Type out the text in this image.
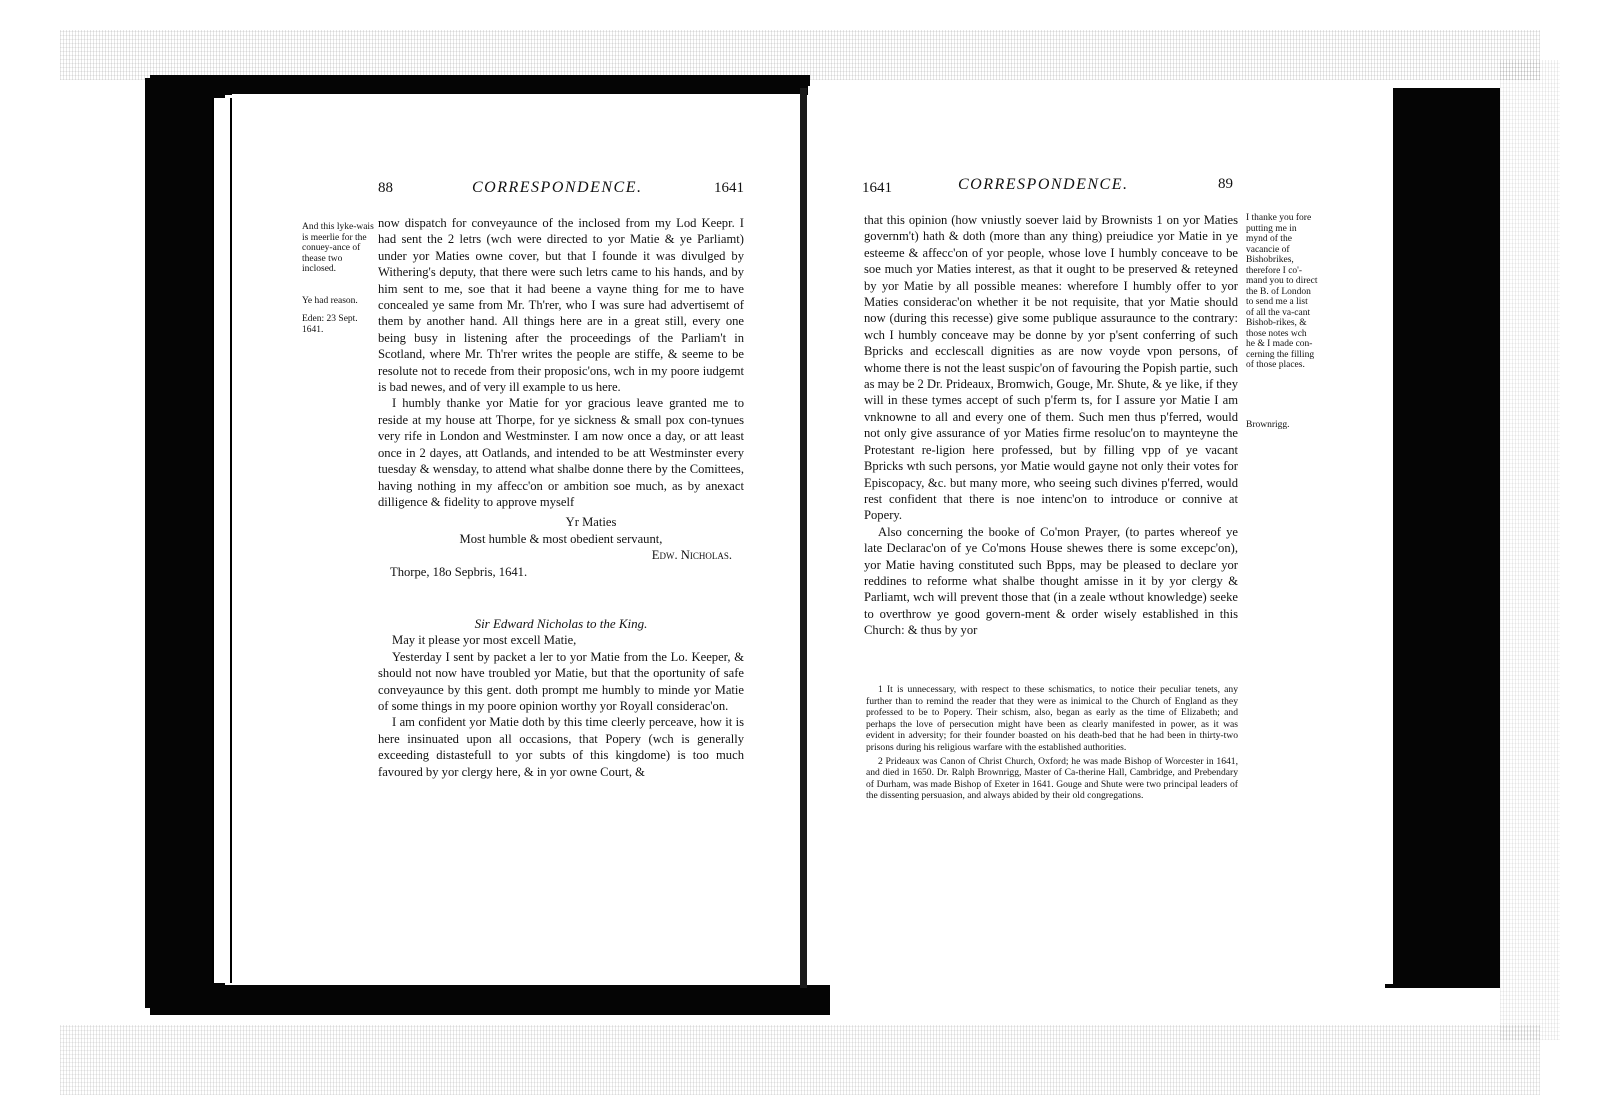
88	CORRESPONDENCE.	1641
And this lyke-wais is meerlie for the conuey-ance of thease two inclosed.
Ye had reason.
Eden: 23 Sept. 1641.

now dispatch for conveyaunce of the inclosed from my Lod Keepr. I had sent the 2 letrs (wch were directed to yor Matie & ye Parliamt) under yor Maties owne cover, but that I founde it was divulged by Withering's deputy, that there were such letrs came to his hands, and by him sent to me, soe that it had beene a vayne thing for me to have concealed ye same from Mr. Th'rer, who I was sure had advertisemt of them by another hand. All things here are in a great still, every one being busy in listening after the proceedings of the Parliam't in Scotland, where Mr. Th'rer writes the people are stiffe, & seeme to be resolute not to recede from their proposic'ons, wch in my poore iudgemt is bad newes, and of very ill example to us here.

I humbly thanke yor Matie for yor gracious leave granted me to reside at my house att Thorpe, for ye sickness & small pox con-tynues very rife in London and Westminster. I am now once a day, or att least once in 2 dayes, att Oatlands, and intended to be att Westminster every tuesday & wensday, to attend what shalbe donne there by the Comittees, having nothing in my affecc'on or ambition soe much, as by anexact dilligence & fidelity to approve myself

Yr Maties

Most humble & most obedient servaunt,

Edw. Nicholas.

Thorpe, 18o Sepbris, 1641.

Sir Edward Nicholas to the King.

May it please yor most excell Matie,

Yesterday I sent by packet a ler to yor Matie from the Lo. Keeper, & should not now have troubled yor Matie, but that the oportunity of safe conveyaunce by this gent. doth prompt me humbly to minde yor Matie of some things in my poore opinion worthy yor Royall considerac'on.

I am confident yor Matie doth by this time cleerly perceave, how it is here insinuated upon all occasions, that Popery (wch is generally exceeding distastefull to yor subts of this kingdome) is too much favoured by yor clergy here, & in yor owne Court, &

1641	CORRESPONDENCE.	89

that this opinion (how vniustly soever laid by Brownists 1 on yor Maties governm't) hath & doth (more than any thing) preiudice yor Matie in ye esteeme & affecc'on of yor people, whose love I humbly conceave to be soe much yor Maties interest, as that it ought to be preserved & reteyned by yor Matie by all possible meanes: wherefore I humbly offer to yor Maties considerac'on whether it be not requisite, that yor Matie should now (during this recesse) give some publique assuraunce to the contrary: wch I humbly conceave may be donne by yor p'sent conferring of such Bpricks and ecclescall dignities as are now voyde vpon persons, of whome there is not the least suspic'on of favouring the Popish partie, such as may be 2 Dr. Prideaux, Bromwich, Gouge, Mr. Shute, & ye like, if they will in these tymes accept of such p'ferm ts, for I assure yor Matie I am vnknowne to all and every one of them. Such men thus p'ferred, would not only give assurance of yor Maties firme resoluc'on to maynteyne the Protestant re-ligion here professed, but by filling vpp of ye vacant Bpricks wth such persons, yor Matie would gayne not only their votes for Episcopacy, &c. but many more, who seeing such divines p'ferred, would rest confident that there is noe intenc'on to introduce or connive at Popery.

Also concerning the booke of Co'mon Prayer, (to partes whereof ye late Declarac'on of ye Co'mons House shewes there is some excepc'on), yor Matie having constituted such Bpps, may be pleased to declare yor reddines to reforme what shalbe thought amisse in it by yor clergy & Parliamt, wch will prevent those that (in a zeale wthout knowledge) seeke to overthrow ye good govern-ment & order wisely established in this Church: & thus by yor

I thanke you fore putting me in mynd of the vacancie of Bishobrikes, therefore I co'-mand you to direct the B. of London to send me a list of all the va-cant Bishob-rikes, & those notes wch he & I made con-cerning the filling of those places.
Brownrigg.

1 It is unnecessary, with respect to these schismatics, to notice their peculiar tenets, any further than to remind the reader that they were as inimical to the Church of England as they professed to be to Popery. Their schism, also, began as early as the time of Elizabeth; and perhaps the love of persecution might have been as clearly manifested in power, as it was evident in adversity; for their founder boasted on his death-bed that he had been in thirty-two prisons during his religious warfare with the established authorities.

2 Prideaux was Canon of Christ Church, Oxford; he was made Bishop of Worcester in 1641, and died in 1650. Dr. Ralph Brownrigg, Master of Ca-therine Hall, Cambridge, and Prebendary of Durham, was made Bishop of Exeter in 1641. Gouge and Shute were two principal leaders of the dissenting persuasion, and always abided by their old congregations.
